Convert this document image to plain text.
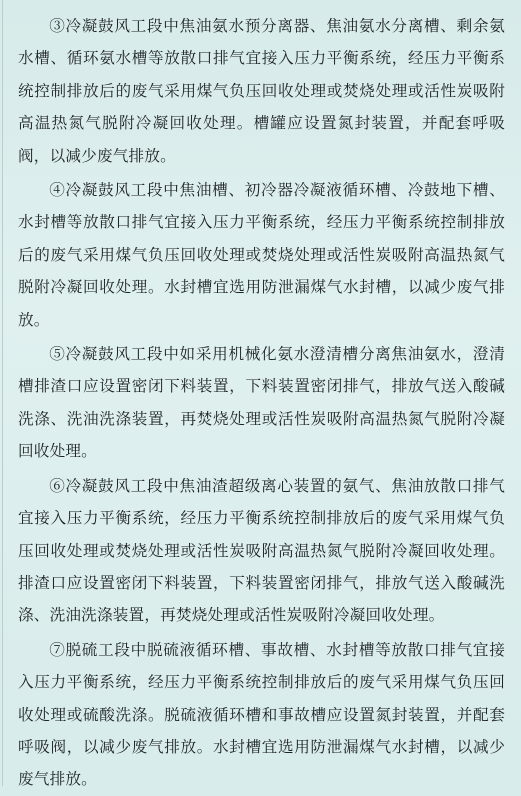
③冷凝鼓风工段中焦油氨水预分离器、焦油氨水分离槽、剩余氨水槽、循环氨水槽等放散口排气宜接入压力平衡系统，经压力平衡系统控制排放后的废气采用煤气负压回收处理或焚烧处理或活性炭吸附高温热氮气脱附冷凝回收处理。槽罐应设置氮封装置，并配套呼吸阀，以减少废气排放。

④冷凝鼓风工段中焦油槽、初冷器冷凝液循环槽、冷鼓地下槽、水封槽等放散口排气宜接入压力平衡系统，经压力平衡系统控制排放后的废气采用煤气负压回收处理或焚烧处理或活性炭吸附高温热氮气脱附冷凝回收处理。水封槽宜选用防泄漏煤气水封槽，以减少废气排放。

⑤冷凝鼓风工段中如采用机械化氨水澄清槽分离焦油氨水，澄清槽排渣口应设置密闭下料装置，下料装置密闭排气，排放气送入酸碱洗涤、洗油洗涤装置，再焚烧处理或活性炭吸附高温热氮气脱附冷凝回收处理。

⑥冷凝鼓风工段中焦油渣超级离心装置的氨气、焦油放散口排气宜接入压力平衡系统，经压力平衡系统控制排放后的废气采用煤气负压回收处理或焚烧处理或活性炭吸附高温热氮气脱附冷凝回收处理。排渣口应设置密闭下料装置，下料装置密闭排气，排放气送入酸碱洗涤、洗油洗涤装置，再焚烧处理或活性炭吸附冷凝回收处理。

⑦脱硫工段中脱硫液循环槽、事故槽、水封槽等放散口排气宜接入压力平衡系统，经压力平衡系统控制排放后的废气采用煤气负压回收处理或硫酸洗涤。脱硫液循环槽和事故槽应设置氮封装置，并配套呼吸阀，以减少废气排放。水封槽宜选用防泄漏煤气水封槽，以减少废气排放。
